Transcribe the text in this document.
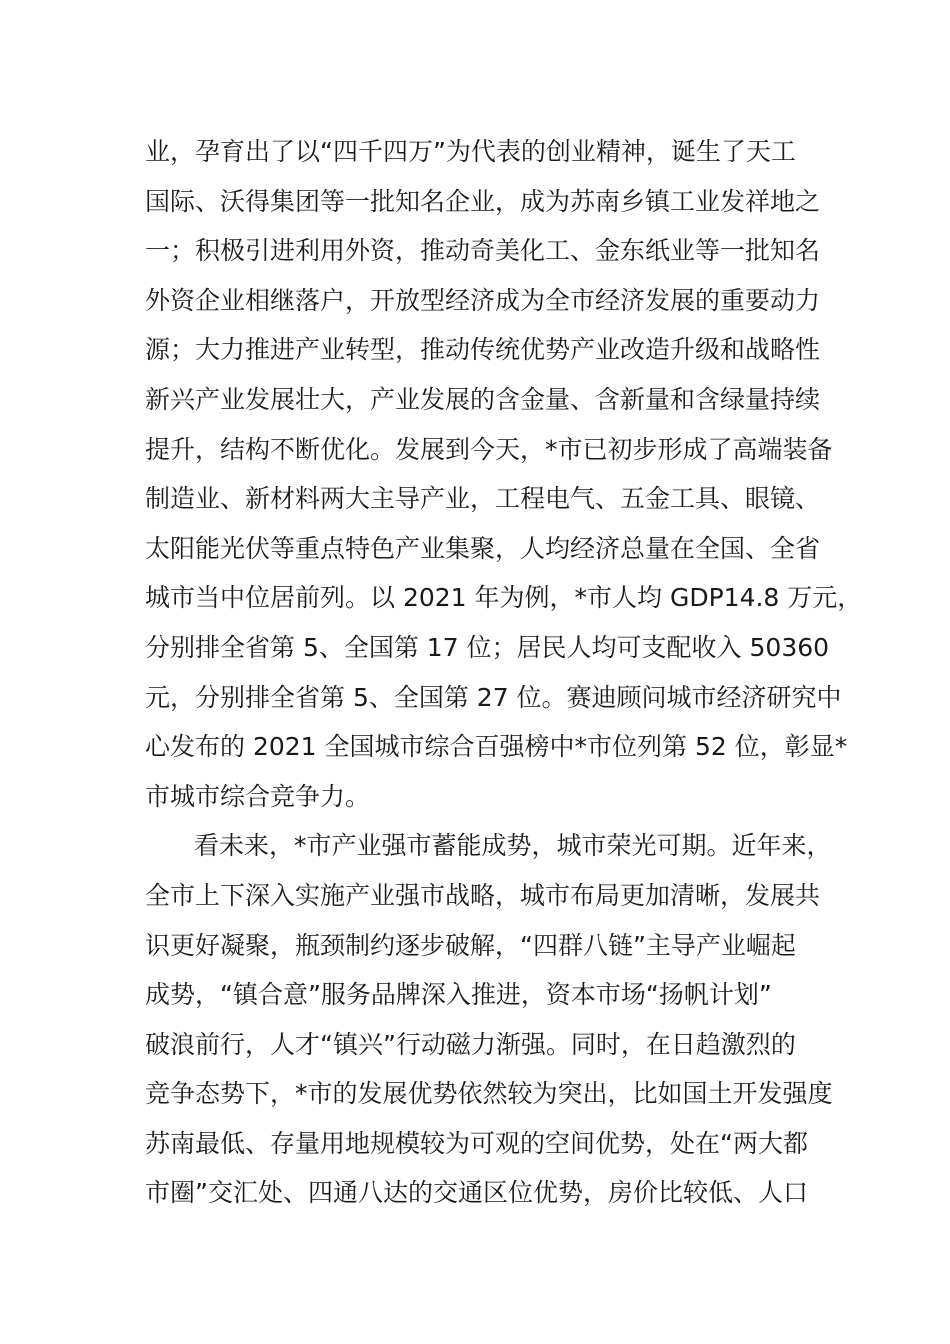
业，孕育出了以“四千四万”为代表的创业精神，诞生了天工
国际、沃得集团等一批知名企业，成为苏南乡镇工业发祥地之
一；积极引进利用外资，推动奇美化工、金东纸业等一批知名
外资企业相继落户，开放型经济成为全市经济发展的重要动力
源；大力推进产业转型，推动传统优势产业改造升级和战略性
新兴产业发展壮大，产业发展的含金量、含新量和含绿量持续
提升，结构不断优化。发展到今天，*市已初步形成了高端装备
制造业、新材料两大主导产业，工程电气、五金工具、眼镜、
太阳能光伏等重点特色产业集聚，人均经济总量在全国、全省
城市当中位居前列。以 2021 年为例，*市人均 GDP14.8 万元，
分别排全省第 5、全国第 17 位；居民人均可支配收入 50360
元，分别排全省第 5、全国第 27 位。赛迪顾问城市经济研究中
心发布的 2021 全国城市综合百强榜中*市位列第 52 位，彰显*
市城市综合竞争力。
看未来，*市产业强市蓄能成势，城市荣光可期。近年来，
全市上下深入实施产业强市战略，城市布局更加清晰，发展共
识更好凝聚，瓶颈制约逐步破解，“四群八链”主导产业崛起
成势，“镇合意”服务品牌深入推进，资本市场“扬帆计划”
破浪前行，人才“镇兴”行动磁力渐强。同时，在日趋激烈的
竞争态势下，*市的发展优势依然较为突出，比如国土开发强度
苏南最低、存量用地规模较为可观的空间优势，处在“两大都
市圈”交汇处、四通八达的交通区位优势，房价比较低、人口
